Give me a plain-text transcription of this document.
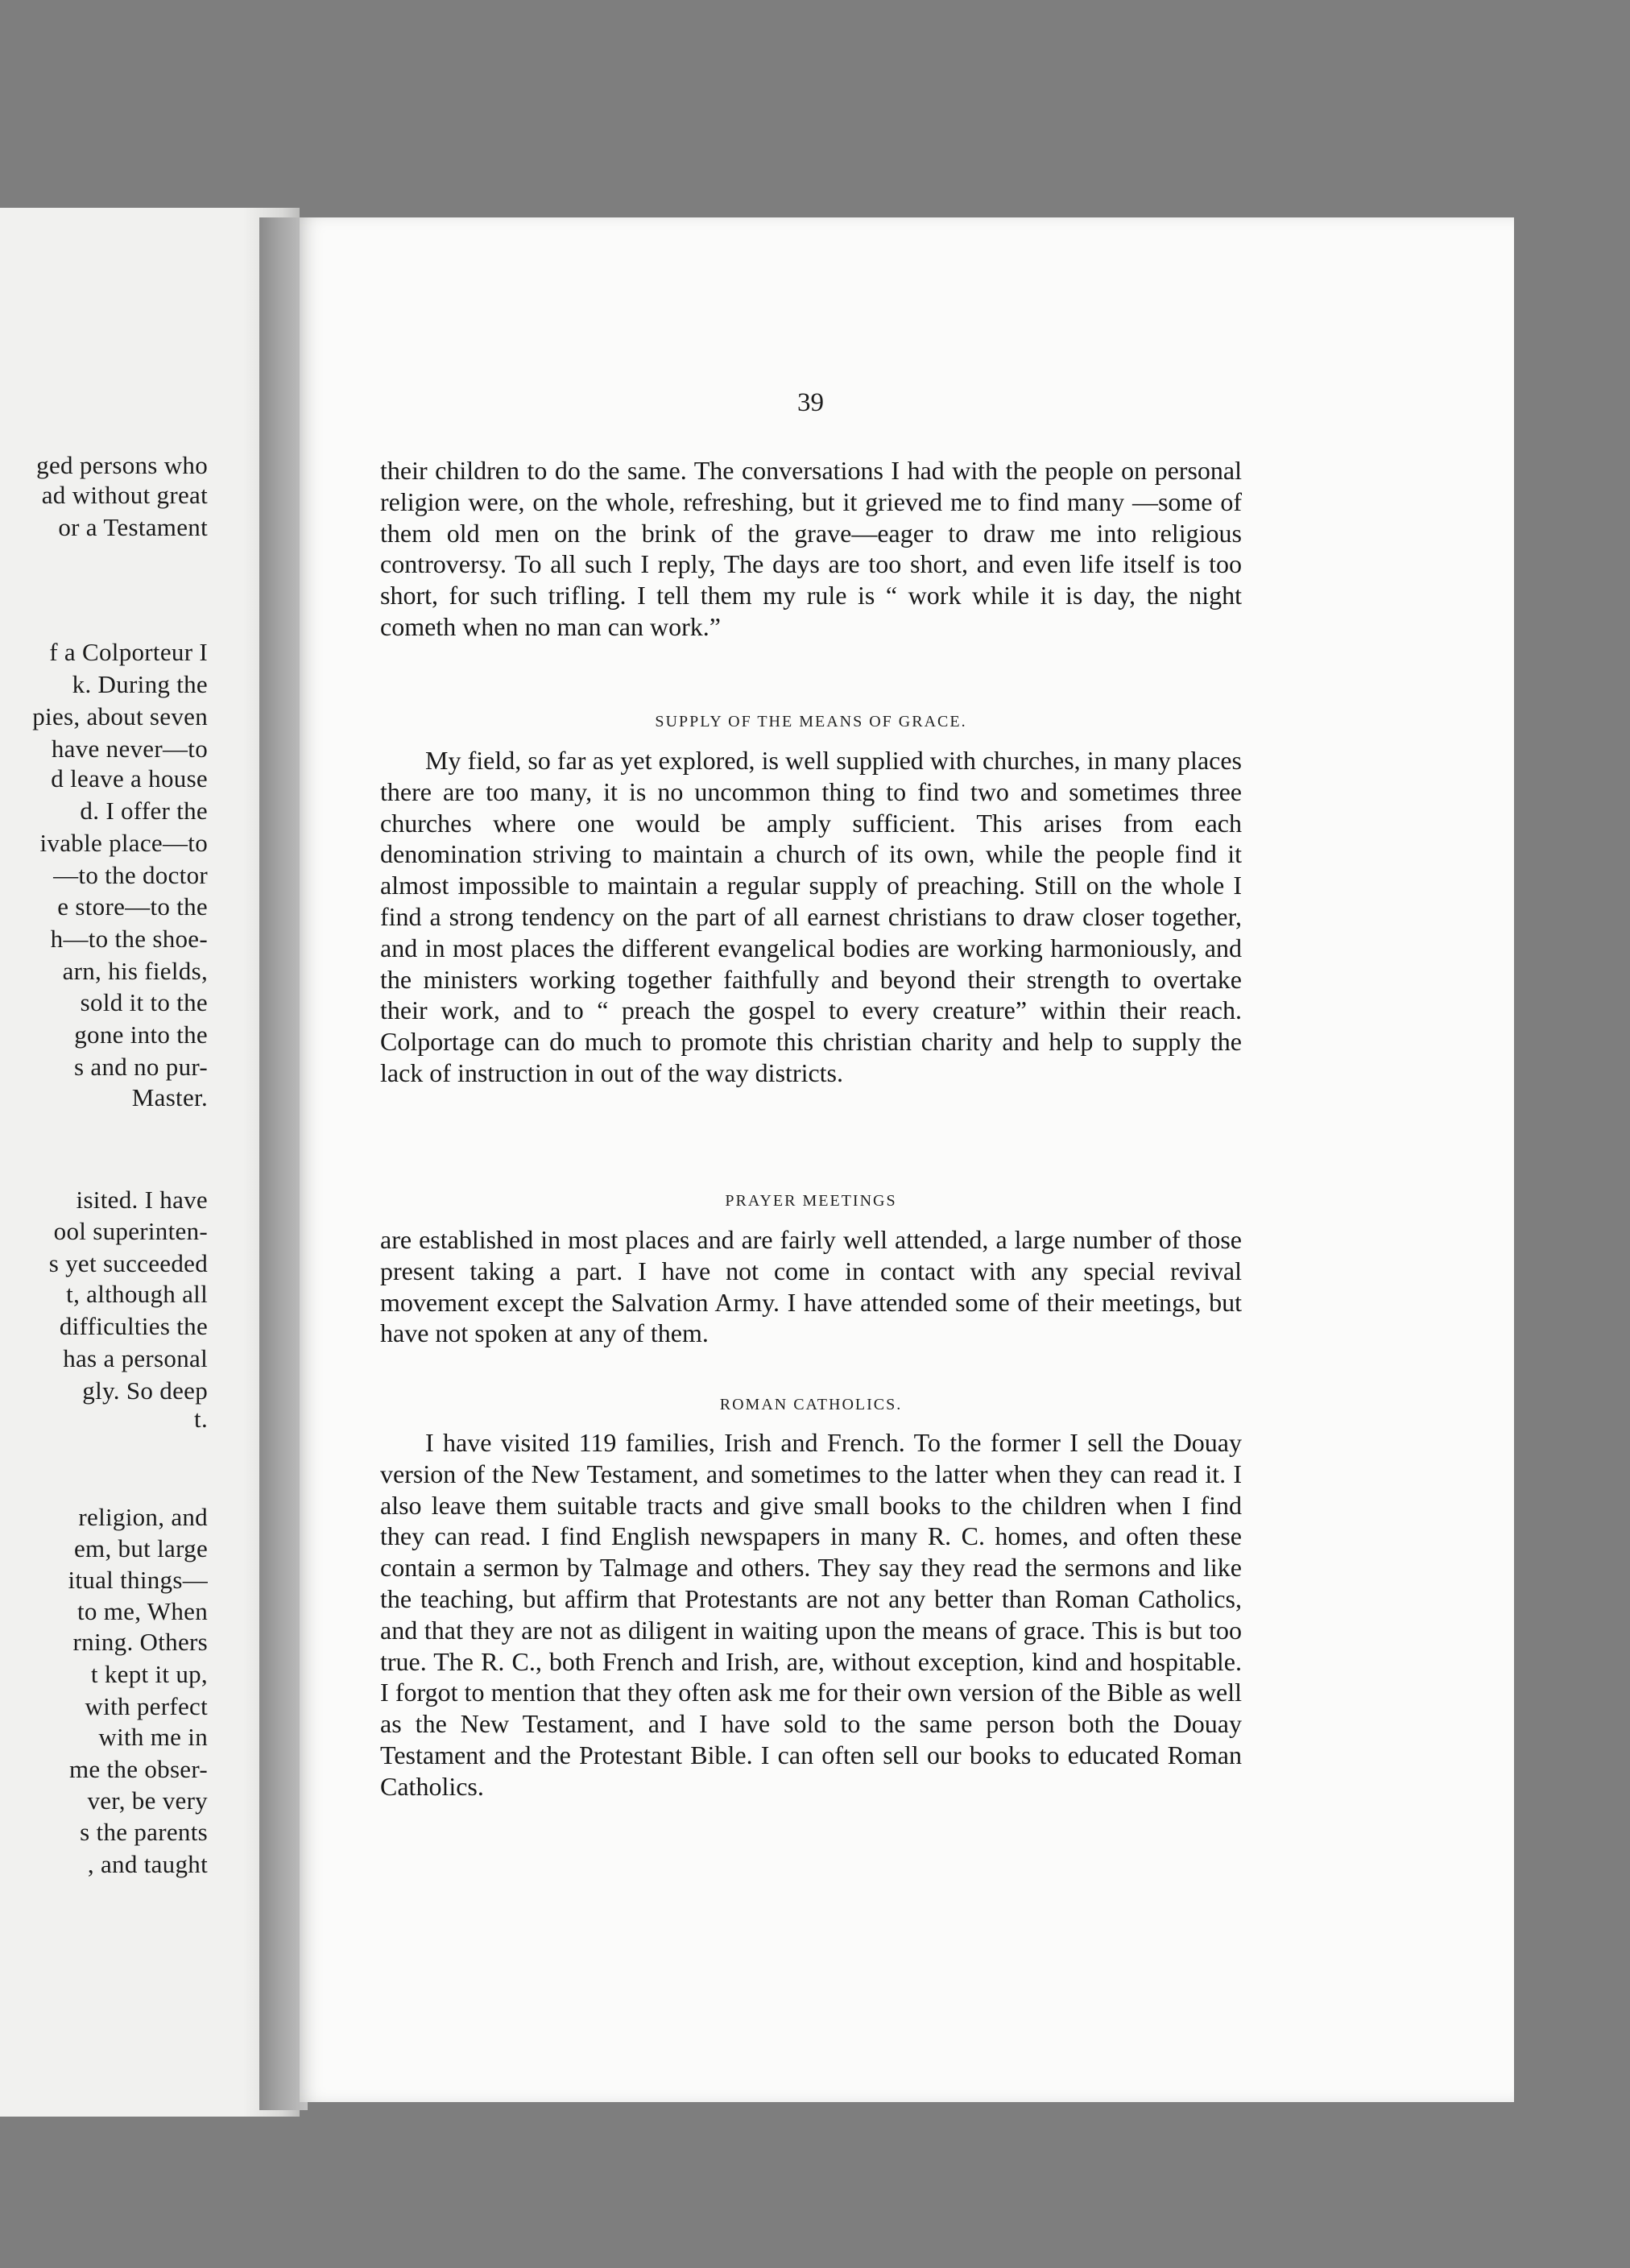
ged persons who
ad without great
or a Testament
f a Colporteur I
k. During the
pies, about seven
have never—to
d leave a house
d. I offer the
ivable place—to
—to the doctor
e store—to the
h—to the shoe-
arn, his fields,
sold it to the
gone into the
s and no pur-
Master.
isited. I have
ool superinten-
s yet succeeded
t, although all
difficulties the
has a personal
gly. So deep
t.
religion, and
em, but large
itual things—
to me, When
rning. Others
t kept it up,
with perfect
with me in
me the obser-
ver, be very
s the parents
, and taught
39

their children to do the same. The conversations I had with the people on personal religion were, on the whole, refreshing, but it grieved me to find many —some of them old men on the brink of the grave—eager to draw me into religious controversy. To all such I reply, The days are too short, and even life itself is too short, for such trifling. I tell them my rule is “ work while it is day, the night cometh when no man can work.”

SUPPLY OF THE MEANS OF GRACE.

My field, so far as yet explored, is well supplied with churches, in many places there are too many, it is no uncommon thing to find two and sometimes three churches where one would be amply sufficient. This arises from each denomination striving to maintain a church of its own, while the people find it almost impossible to maintain a regular supply of preaching. Still on the whole I find a strong tendency on the part of all earnest christians to draw closer together, and in most places the different evangelical bodies are working harmoniously, and the ministers working together faithfully and beyond their strength to overtake their work, and to “ preach the gospel to every creature” within their reach. Colportage can do much to promote this christian charity and help to supply the lack of instruction in out of the way districts.

PRAYER MEETINGS

are established in most places and are fairly well attended, a large number of those present taking a part. I have not come in contact with any special revival movement except the Salvation Army. I have attended some of their meetings, but have not spoken at any of them.

ROMAN CATHOLICS.

I have visited 119 families, Irish and French. To the former I sell the Douay version of the New Testament, and sometimes to the latter when they can read it. I also leave them suitable tracts and give small books to the children when I find they can read. I find English newspapers in many R. C. homes, and often these contain a sermon by Talmage and others. They say they read the sermons and like the teaching, but affirm that Protestants are not any better than Roman Catholics, and that they are not as diligent in waiting upon the means of grace. This is but too true. The R. C., both French and Irish, are, without exception, kind and hospitable. I forgot to mention that they often ask me for their own version of the Bible as well as the New Testament, and I have sold to the same person both the Douay Testament and the Protestant Bible. I can often sell our books to educated Roman Catholics.
